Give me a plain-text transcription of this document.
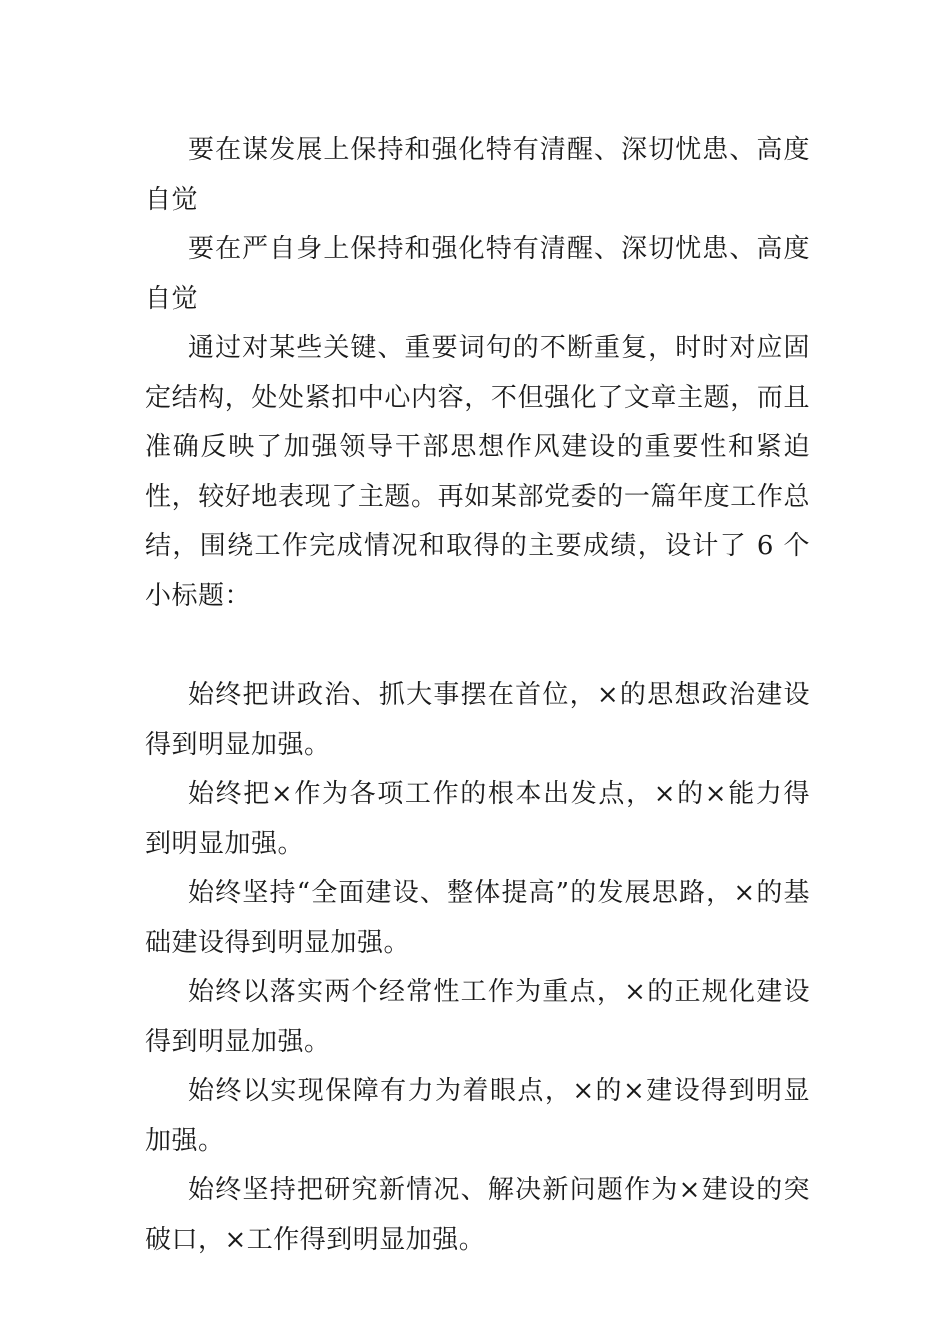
要在谋发展上保持和强化特有清醒、深切忧患、高度自觉

要在严自身上保持和强化特有清醒、深切忧患、高度自觉

通过对某些关键、重要词句的不断重复，时时对应固定结构，处处紧扣中心内容，不但强化了文章主题，而且准确反映了加强领导干部思想作风建设的重要性和紧迫性，较好地表现了主题。再如某部党委的一篇年度工作总结，围绕工作完成情况和取得的主要成绩，设计了 6 个小标题：

始终把讲政治、抓大事摆在首位，×的思想政治建设得到明显加强。

始终把×作为各项工作的根本出发点，×的×能力得到明显加强。

始终坚持“全面建设、整体提高”的发展思路，×的基础建设得到明显加强。

始终以落实两个经常性工作为重点，×的正规化建设得到明显加强。

始终以实现保障有力为着眼点，×的×建设得到明显加强。

始终坚持把研究新情况、解决新问题作为×建设的突破口，×工作得到明显加强。
